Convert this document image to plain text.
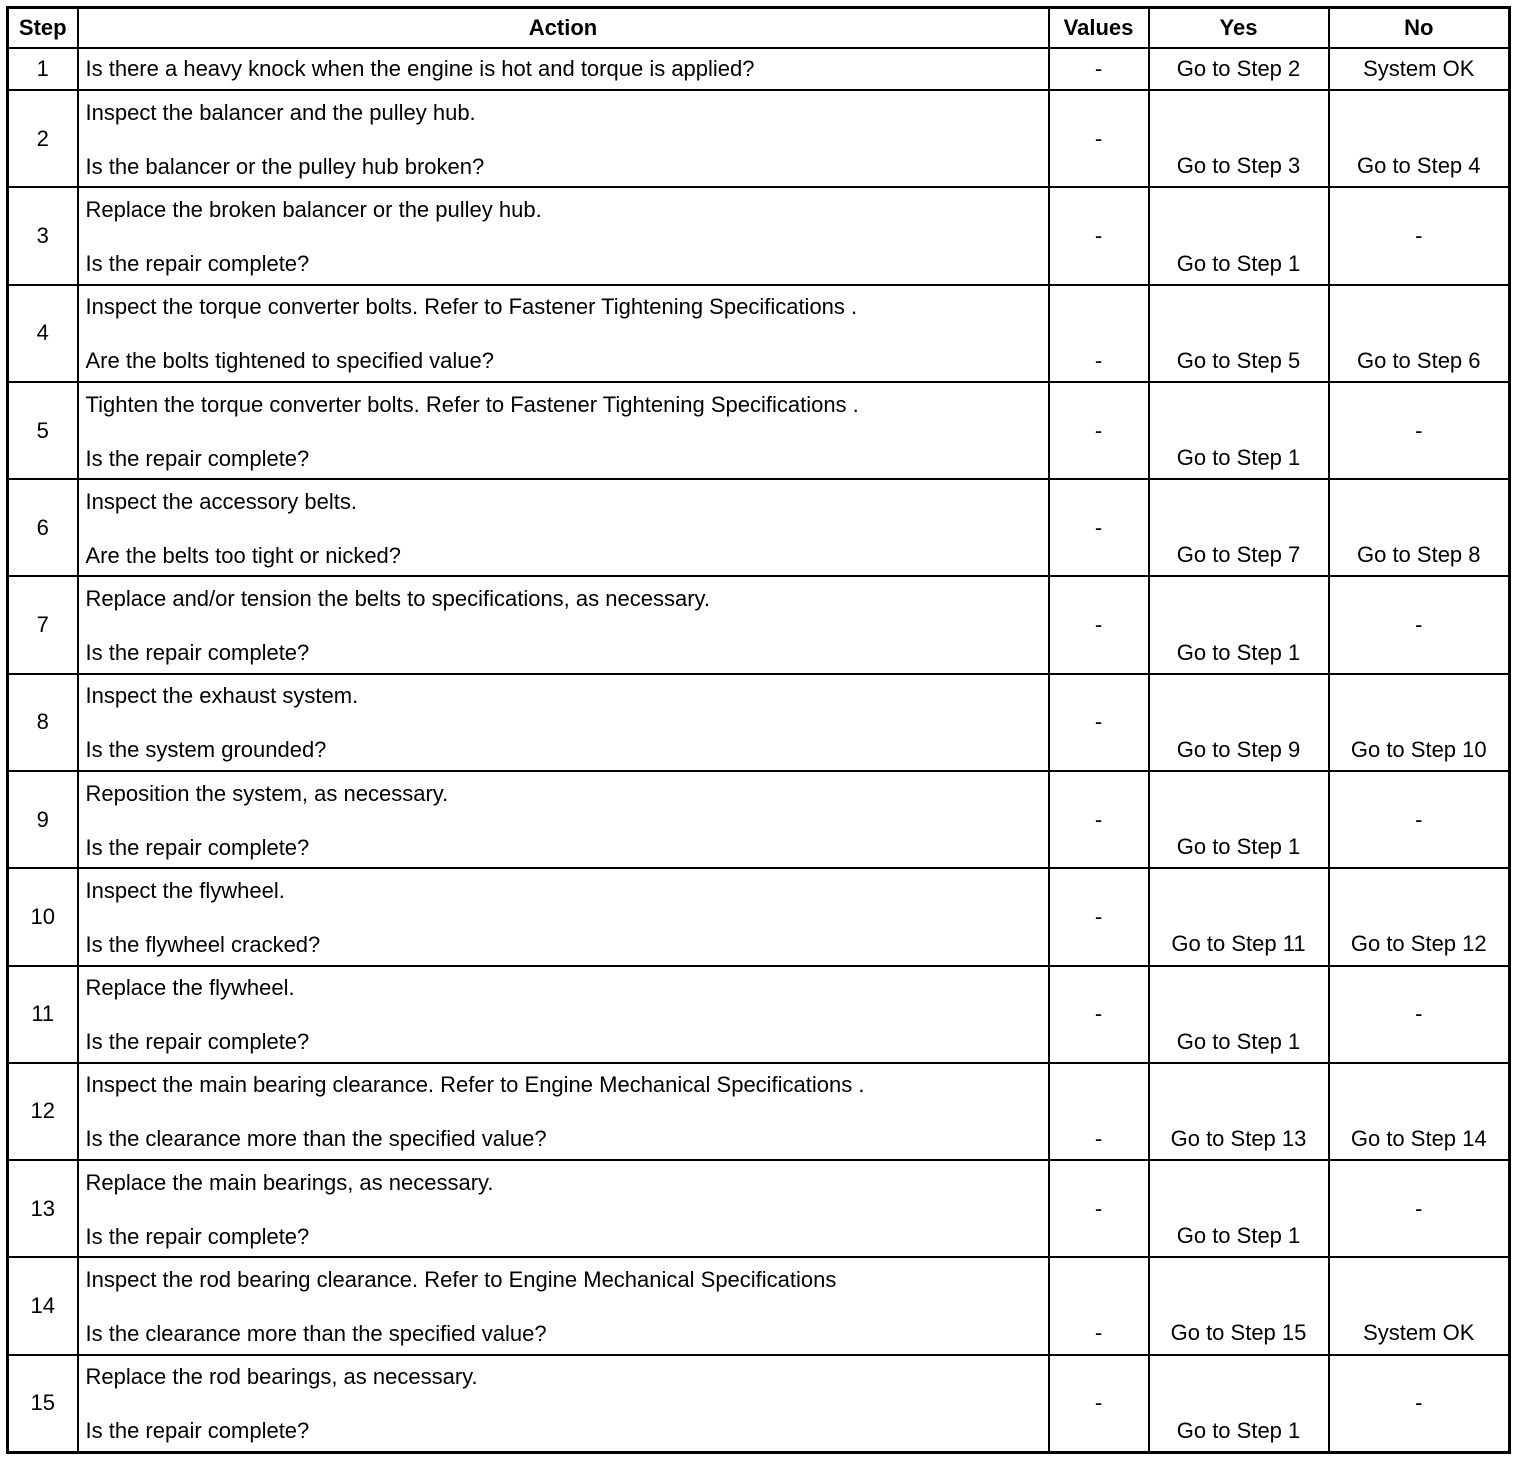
Step	Action	Values	Yes	No
1	Is there a heavy knock when the engine is hot and torque is applied?	-	Go to Step 2	System OK

2	Inspect the balancer and the pulley hub.
Is the balancer or the pulley hub broken?	-	Go to Step 3	Go to Step 4

3	Replace the broken balancer or the pulley hub.
Is the repair complete?	-	Go to Step 1	-

4	Inspect the torque converter bolts. Refer to Fastener Tightening Specifications .
Are the bolts tightened to specified value?	-	Go to Step 5	Go to Step 6

5	Tighten the torque converter bolts. Refer to Fastener Tightening Specifications .
Is the repair complete?	-	Go to Step 1	-

6	Inspect the accessory belts.
Are the belts too tight or nicked?	-	Go to Step 7	Go to Step 8

7	Replace and/or tension the belts to specifications, as necessary.
Is the repair complete?	-	Go to Step 1	-

8	Inspect the exhaust system.
Is the system grounded?	-	Go to Step 9	Go to Step 10

9	Reposition the system, as necessary.
Is the repair complete?	-	Go to Step 1	-

10	Inspect the flywheel.
Is the flywheel cracked?	-	Go to Step 11	Go to Step 12

11	Replace the flywheel.
Is the repair complete?	-	Go to Step 1	-

12	Inspect the main bearing clearance. Refer to Engine Mechanical Specifications .
Is the clearance more than the specified value?	-	Go to Step 13	Go to Step 14

13	Replace the main bearings, as necessary.
Is the repair complete?	-	Go to Step 1	-

14	Inspect the rod bearing clearance. Refer to Engine Mechanical Specifications
Is the clearance more than the specified value?	-	Go to Step 15	System OK

15	Replace the rod bearings, as necessary.
Is the repair complete?	-	Go to Step 1	-
